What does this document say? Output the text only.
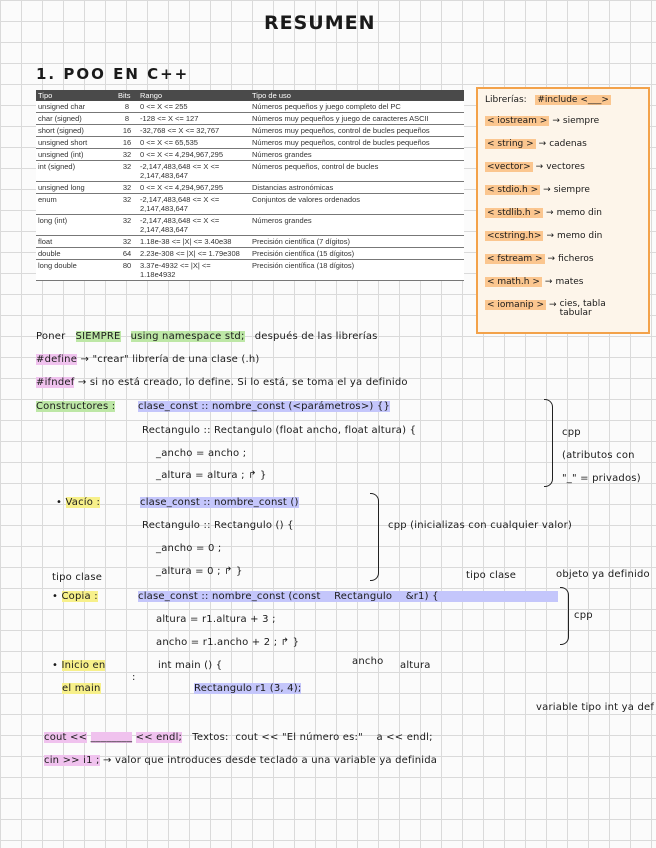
RESUMEN
1. POO EN C++
Tipo	Bits	Rango	Tipo de uso
unsigned char	8	0 <= X <= 255	Números pequeños y juego completo del PC
char (signed)	8	-128 <= X <= 127	Números muy pequeños y juego de caracteres ASCII
short (signed)	16	-32,768 <= X <= 32,767	Números muy pequeños, control de bucles pequeños
unsigned short	16	0 <= X <= 65,535	Números muy pequeños, control de bucles pequeños
unsigned (int)	32	0 <= X <= 4,294,967,295	Números grandes
int (signed)	32	-2,147,483,648 <= X <= 2,147,483,647	Números pequeños, control de bucles
unsigned long	32	0 <= X <= 4,294,967,295	Distancias astronómicas
enum	32	-2,147,483,648 <= X <= 2,147,483,647	Conjuntos de valores ordenados
long (int)	32	-2,147,483,648 <= X <= 2,147,483,647	Números grandes
float	32	1.18e-38 <= |X| <= 3.40e38	Precisión científica (7 dígitos)
double	64	2.23e-308 <= |X| <= 1.79e308	Precisión científica (15 dígitos)
long double	80	3.37e-4932 <= |X| <= 1.18e4932	Precisión científica (18 dígitos)
Librerías: #include <___>
< iostream > → siempre
< string > → cadenas
<vector> → vectores
< stdio.h > → siempre
< stdlib.h > → memo din
<cstring.h> → memo din
< fstream > → ficheros
< math.h > → mates
< iomanip > → cies, tabla tabular
Poner SIEMPRE using namespace std; después de las librerías
#define → "crear" librería de una clase (.h)
#ifndef → si no está creado, lo define. Si lo está, se toma el ya definido
Constructores : clase_const :: nombre_const (<parámetros>) {}
Rectangulo :: Rectangulo (float ancho, float altura) {
_ancho = ancho ;
_altura = altura ; ↱ }
cpp
(atributos con
"_" = privados)
• Vacío :	clase_const :: nombre_const ()
Rectangulo :: Rectangulo () {
_ancho = 0 ;
_altura = 0 ; ↱ }
cpp (inicializas con cualquier valor)
tipo clase	tipo clase	objeto ya definido
• Copia :	clase_const :: nombre_const (const Rectangulo &r1) {
altura = r1.altura + 3 ;
ancho = r1.ancho + 2 ; ↱ }
cpp
• Inicio en
el main
:
int main () {	ancho altura
Rectangulo r1 (3, 4);
variable tipo int ya def
cout << ________ << endl; Textos: cout << "El número es:" a << endl;
cin >> i1 ; → valor que introduces desde teclado a una variable ya definida
